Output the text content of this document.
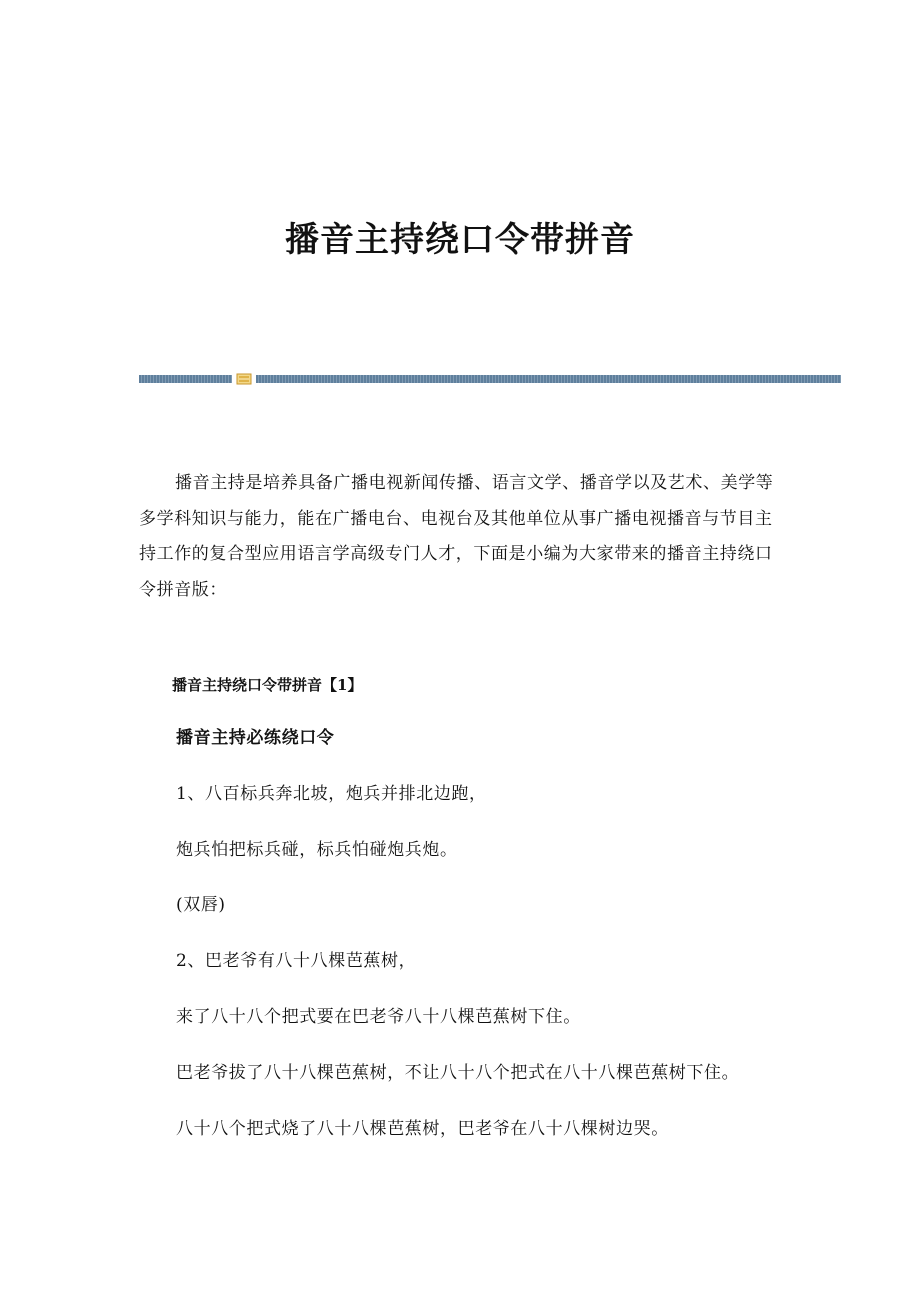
播音主持绕口令带拼音

播音主持是培养具备广播电视新闻传播、语言文学、播音学以及艺术、美学等多学科知识与能力，能在广播电台、电视台及其他单位从事广播电视播音与节目主持工作的复合型应用语言学高级专门人才，下面是小编为大家带来的播音主持绕口令拼音版：

播音主持绕口令带拼音【1】

播音主持必练绕口令

1、八百标兵奔北坡，炮兵并排北边跑，

炮兵怕把标兵碰，标兵怕碰炮兵炮。

(双唇)

2、巴老爷有八十八棵芭蕉树，

来了八十八个把式要在巴老爷八十八棵芭蕉树下住。

巴老爷拔了八十八棵芭蕉树，不让八十八个把式在八十八棵芭蕉树下住。

八十八个把式烧了八十八棵芭蕉树，巴老爷在八十八棵树边哭。
